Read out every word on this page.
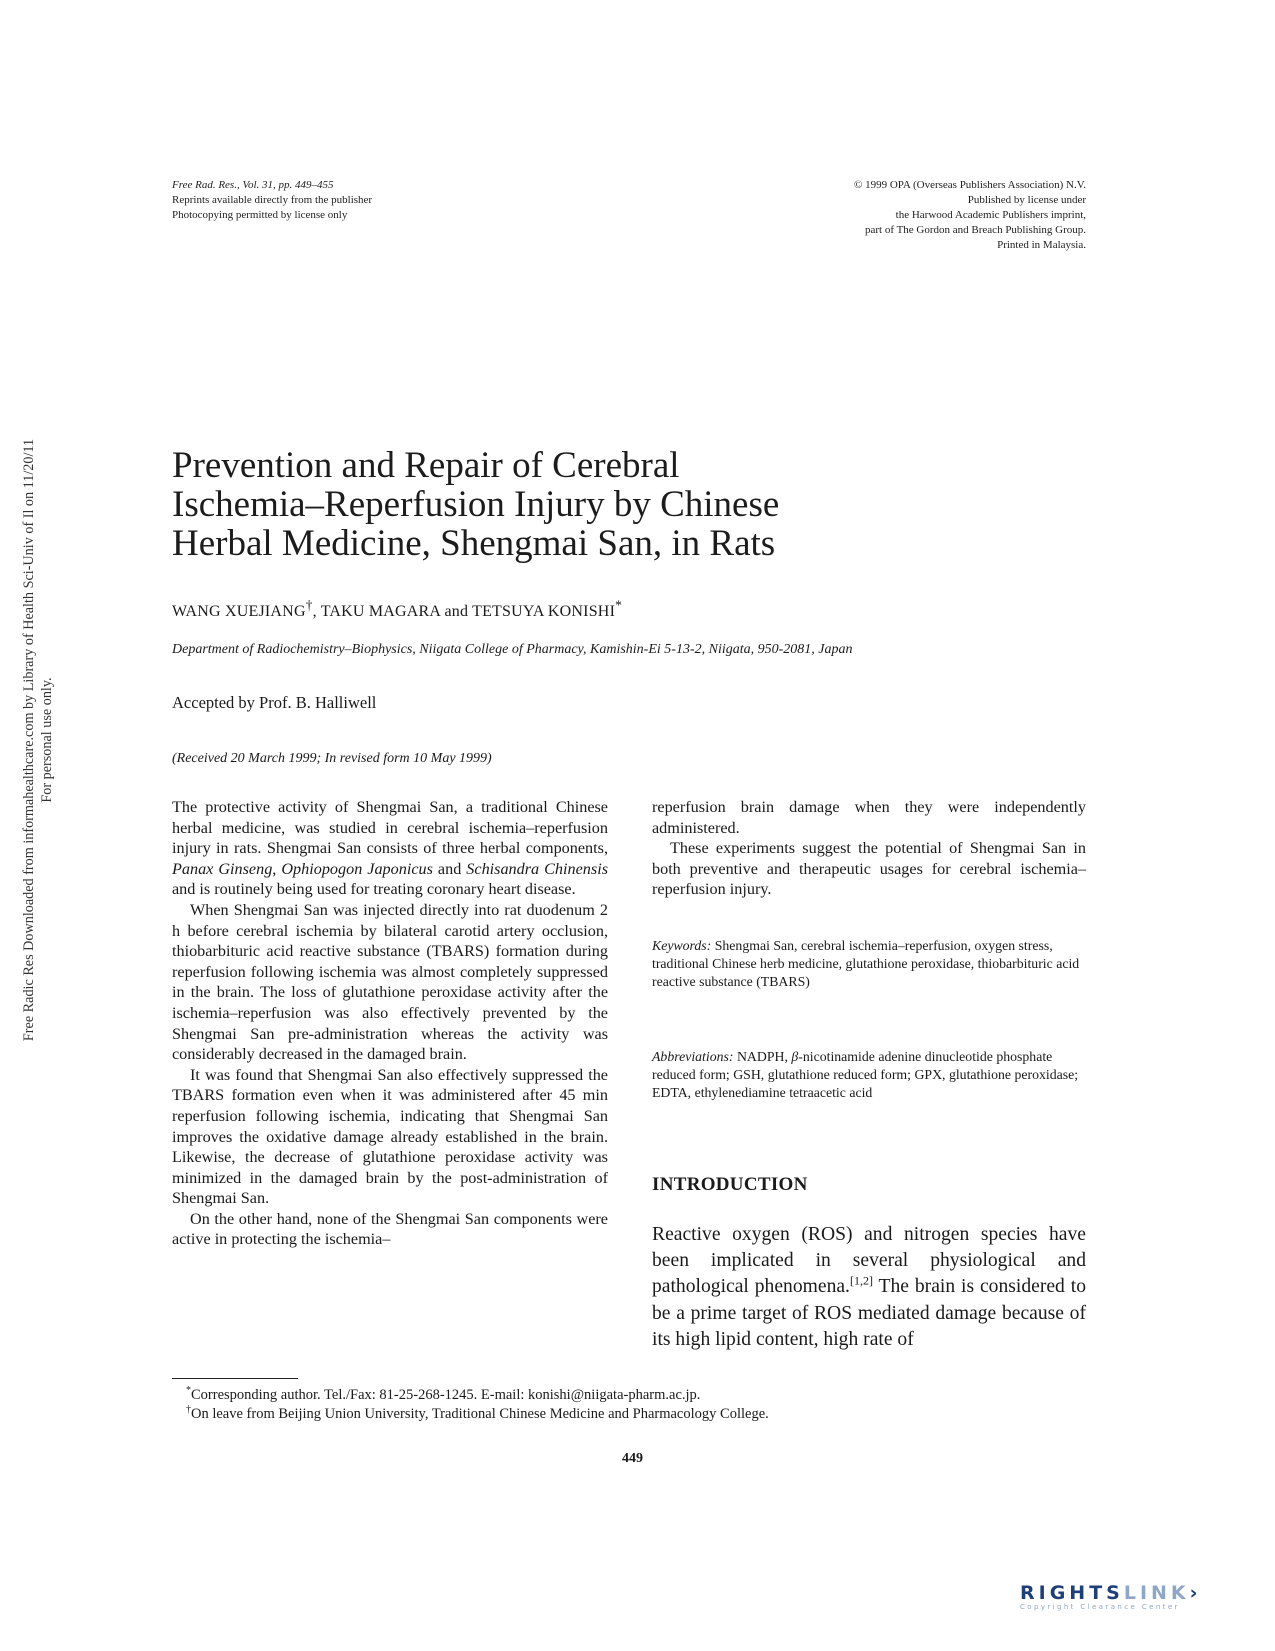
Free Rad. Res., Vol. 31, pp. 449–455
Reprints available directly from the publisher
Photocopying permitted by license only
© 1999 OPA (Overseas Publishers Association) N.V.
Published by license under
the Harwood Academic Publishers imprint,
part of The Gordon and Breach Publishing Group.
Printed in Malaysia.
Free Radic Res Downloaded from informahealthcare.com by Library of Health Sci-Univ of Il on 11/20/11 For personal use only.
Prevention and Repair of Cerebral
Ischemia–Reperfusion Injury by Chinese
Herbal Medicine, Shengmai San, in Rats
WANG XUEJIANG†, TAKU MAGARA and TETSUYA KONISHI*
Department of Radiochemistry–Biophysics, Niigata College of Pharmacy, Kamishin-Ei 5-13-2, Niigata, 950-2081, Japan
Accepted by Prof. B. Halliwell
(Received 20 March 1999; In revised form 10 May 1999)

The protective activity of Shengmai San, a traditional Chinese herbal medicine, was studied in cerebral ischemia–reperfusion injury in rats. Shengmai San consists of three herbal components, Panax Ginseng, Ophiopogon Japonicus and Schisandra Chinensis and is routinely being used for treating coronary heart disease.

When Shengmai San was injected directly into rat duodenum 2 h before cerebral ischemia by bilateral carotid artery occlusion, thiobarbituric acid reactive substance (TBARS) formation during reperfusion following ischemia was almost completely suppressed in the brain. The loss of glutathione peroxidase activity after the ischemia–reperfusion was also effectively prevented by the Shengmai San pre-administration whereas the activity was considerably decreased in the damaged brain.

It was found that Shengmai San also effectively suppressed the TBARS formation even when it was administered after 45 min reperfusion following ischemia, indicating that Shengmai San improves the oxidative damage already established in the brain. Likewise, the decrease of glutathione peroxidase activity was minimized in the damaged brain by the post-administration of Shengmai San.

On the other hand, none of the Shengmai San components were active in protecting the ischemia–

reperfusion brain damage when they were independently administered.

These experiments suggest the potential of Shengmai San in both preventive and therapeutic usages for cerebral ischemia–reperfusion injury.

Keywords: Shengmai San, cerebral ischemia–reperfusion, oxygen stress, traditional Chinese herb medicine, glutathione peroxidase, thiobarbituric acid reactive substance (TBARS)
Abbreviations: NADPH, β-nicotinamide adenine dinucleotide phosphate reduced form; GSH, glutathione reduced form; GPX, glutathione peroxidase; EDTA, ethylenediamine tetraacetic acid
INTRODUCTION
Reactive oxygen (ROS) and nitrogen species have been implicated in several physiological and pathological phenomena.[1,2] The brain is considered to be a prime target of ROS mediated damage because of its high lipid content, high rate of
*Corresponding author. Tel./Fax: 81-25-268-1245. E-mail: konishi@niigata-pharm.ac.jp.
†On leave from Beijing Union University, Traditional Chinese Medicine and Pharmacology College.
449
RIGHTSLINK›
Copyright Clearance Center
